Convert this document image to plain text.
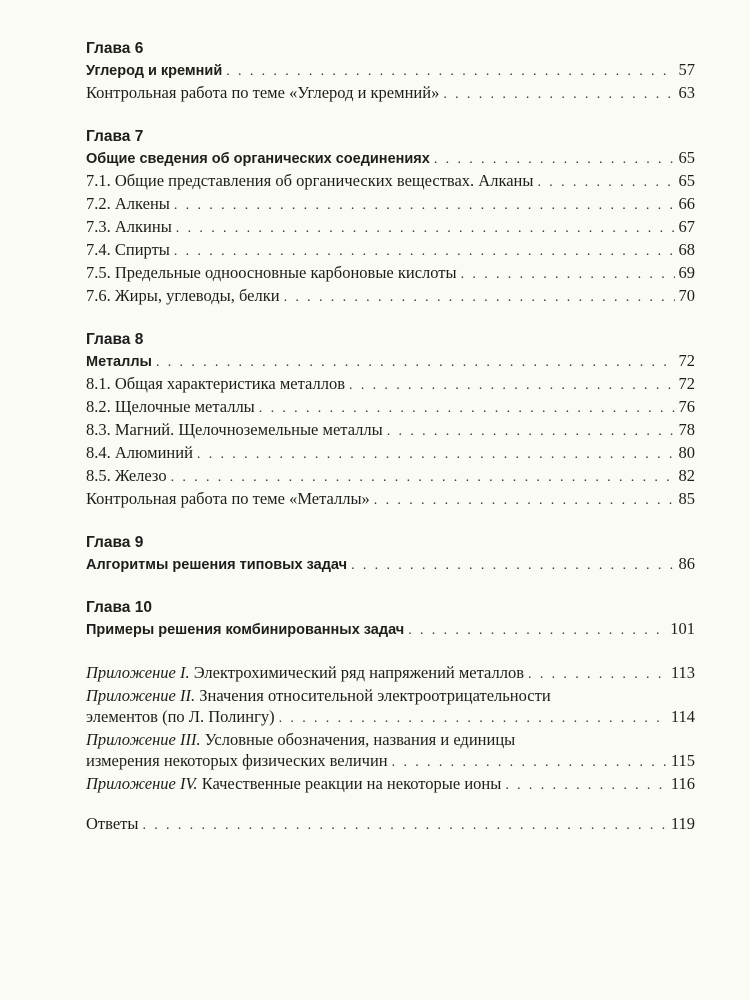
Глава 6
Углерод и кремний . . .	57
Контрольная работа по теме «Углерод и кремний» . . .	63
Глава 7
Общие сведения об органических соединениях . . .	65
7.1. Общие представления об органических веществах. Алканы . . .	65
7.2. Алкены . . .	66
7.3. Алкины . . .	67
7.4. Спирты . . .	68
7.5. Предельные одноосновные карбоновые кислоты . . .	69
7.6. Жиры, углеводы, белки . . .	70
Глава 8
Металлы . . .	72
8.1. Общая характеристика металлов . . .	72
8.2. Щелочные металлы . . .	76
8.3. Магний. Щелочноземельные металлы . . .	78
8.4. Алюминий . . .	80
8.5. Железо . . .	82
Контрольная работа по теме «Металлы» . . .	85
Глава 9
Алгоритмы решения типовых задач . . .	86
Глава 10
Примеры решения комбинированных задач . . .	101
Приложение I. Электрохимический ряд напряжений металлов . . .	113
Приложение II. Значения относительной электроотрицательности
элементов (по Л. Полингу) . . .	114
Приложение III. Условные обозначения, названия и единицы
измерения некоторых физических величин . . .	115
Приложение IV. Качественные реакции на некоторые ионы . . .	116
Ответы . . .	119
